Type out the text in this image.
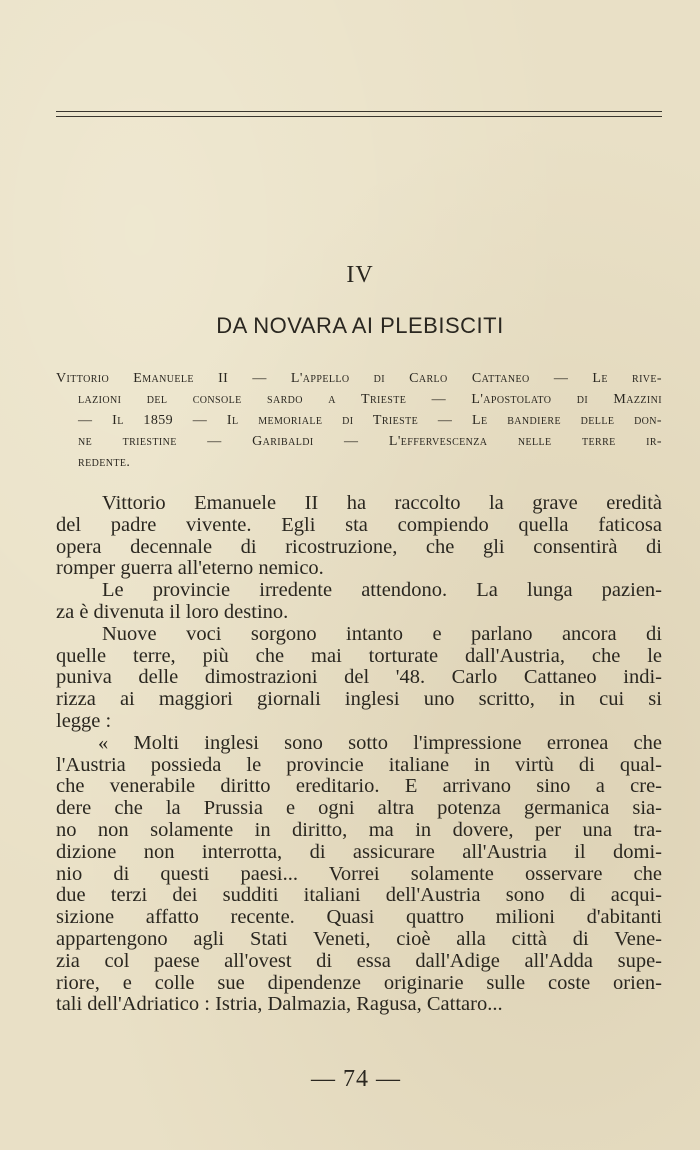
IV
DA NOVARA AI PLEBISCITI
Vittorio Emanuele II — L'appello di Carlo Cattaneo — Le rive-
lazioni del console sardo a Trieste — L'apostolato di Mazzini
— Il 1859 — Il memoriale di Trieste — Le bandiere delle don-
ne triestine — Garibaldi — L'effervescenza nelle terre ir-
redente.
Vittorio Emanuele II ha raccolto la grave eredità
del padre vivente. Egli sta compiendo quella faticosa
opera decennale di ricostruzione, che gli consentirà di
romper guerra all'eterno nemico.
Le provincie irredente attendono. La lunga pazien-
za è divenuta il loro destino.
Nuove voci sorgono intanto e parlano ancora di
quelle terre, più che mai torturate dall'Austria, che le
puniva delle dimostrazioni del '48. Carlo Cattaneo indi-
rizza ai maggiori giornali inglesi uno scritto, in cui si
legge :
« Molti inglesi sono sotto l'impressione erronea che
l'Austria possieda le provincie italiane in virtù di qual-
che venerabile diritto ereditario. E arrivano sino a cre-
dere che la Prussia e ogni altra potenza germanica sia-
no non solamente in diritto, ma in dovere, per una tra-
dizione non interrotta, di assicurare all'Austria il domi-
nio di questi paesi... Vorrei solamente osservare che
due terzi dei sudditi italiani dell'Austria sono di acqui-
sizione affatto recente. Quasi quattro milioni d'abitanti
appartengono agli Stati Veneti, cioè alla città di Vene-
zia col paese all'ovest di essa dall'Adige all'Adda supe-
riore, e colle sue dipendenze originarie sulle coste orien-
tali dell'Adriatico : Istria, Dalmazia, Ragusa, Cattaro...
— 74 —
